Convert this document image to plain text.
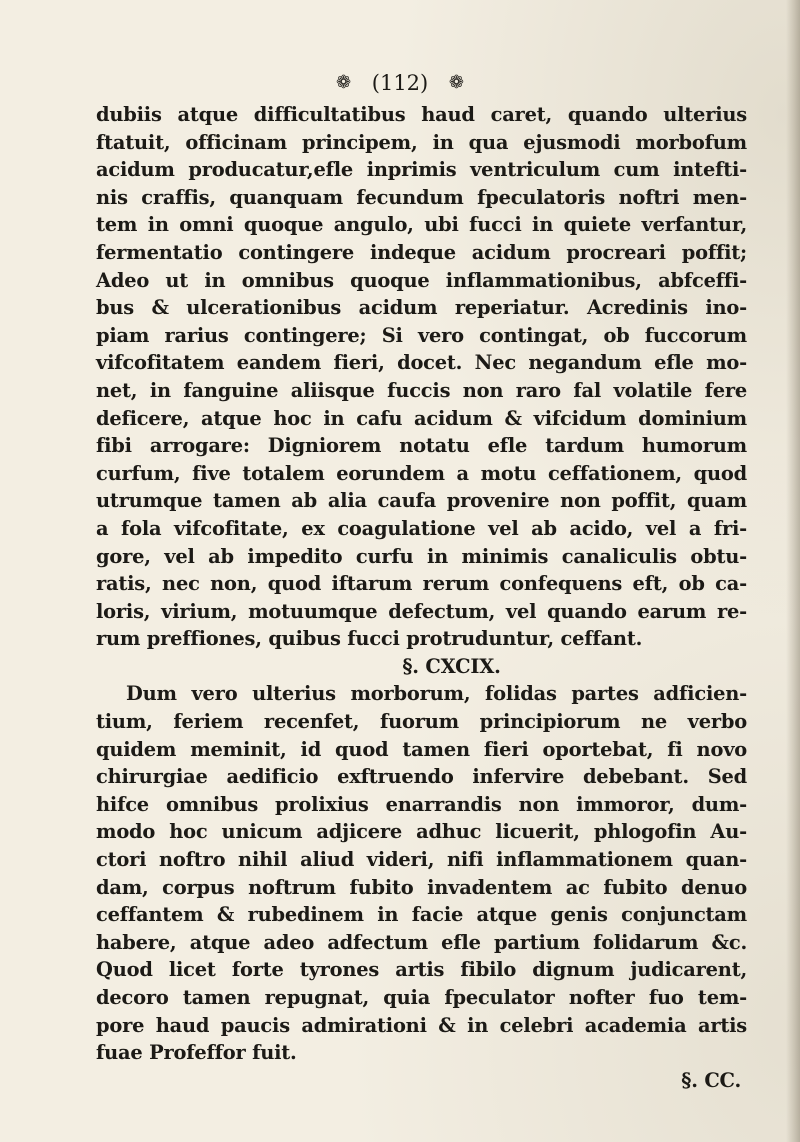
❁ (112) ❁
dubiis atque difficultatibus haud caret, quando ulterius
ftatuit, officinam principem, in qua ejusmodi morbofum
acidum producatur,efle inprimis ventriculum cum intefti-
nis craffis, quanquam fecundum fpeculatoris noftri men-
tem in omni quoque angulo, ubi fucci in quiete verfantur,
fermentatio contingere indeque acidum procreari poffit;
Adeo ut in omnibus quoque inflammationibus, abfceffi-
bus & ulcerationibus acidum reperiatur. Acredinis ino-
piam rarius contingere; Si vero contingat, ob fuccorum
vifcofitatem eandem fieri, docet. Nec negandum efle mo-
net, in fanguine aliisque fuccis non raro fal volatile fere
deficere, atque hoc in cafu acidum & vifcidum dominium
fibi arrogare: Digniorem notatu efle tardum humorum
curfum, five totalem eorundem a motu ceffationem, quod
utrumque tamen ab alia caufa provenire non poffit, quam
a fola vifcofitate, ex coagulatione vel ab acido, vel a fri-
gore, vel ab impedito curfu in minimis canaliculis obtu-
ratis, nec non, quod iftarum rerum confequens eft, ob ca-
loris, virium, motuumque defectum, vel quando earum re-
rum preffiones, quibus fucci protruduntur, ceffant.
§. CXCIX.
Dum vero ulterius morborum, folidas partes adficien-
tium, feriem recenfet, fuorum principiorum ne verbo
quidem meminit, id quod tamen fieri oportebat, fi novo
chirurgiae aedificio exftruendo infervire debebant. Sed
hifce omnibus prolixius enarrandis non immoror, dum-
modo hoc unicum adjicere adhuc licuerit, phlogofin Au-
ctori noftro nihil aliud videri, nifi inflammationem quan-
dam, corpus noftrum fubito invadentem ac fubito denuo
ceffantem & rubedinem in facie atque genis conjunctam
habere, atque adeo adfectum efle partium folidarum &c.
Quod licet forte tyrones artis fibilo dignum judicarent,
decoro tamen repugnat, quia fpeculator nofter fuo tem-
pore haud paucis admirationi & in celebri academia artis
fuae Profeffor fuit.
§. CC.
